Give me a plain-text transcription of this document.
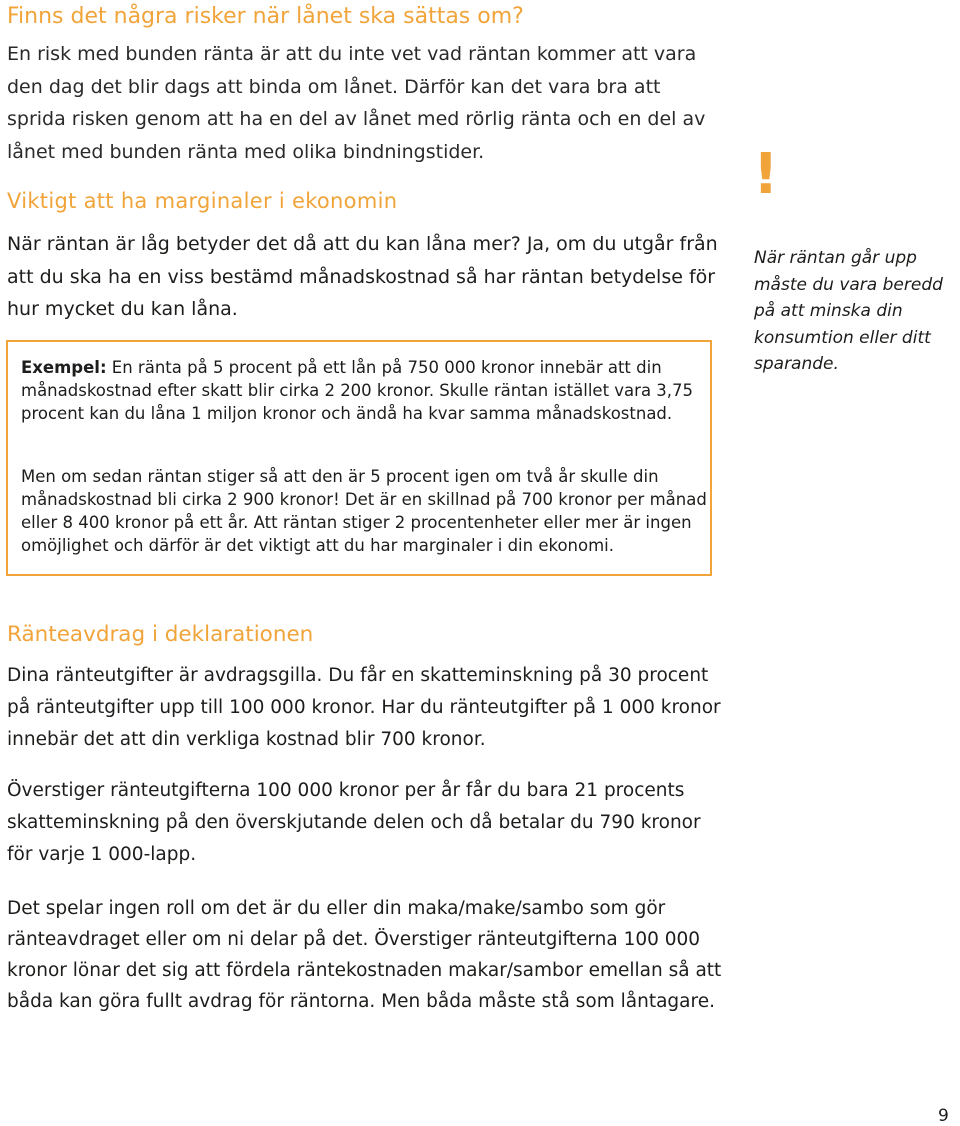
Finns det några risker när lånet ska sättas om?

En risk med bunden ränta är att du inte vet vad räntan kommer att vara den dag det blir dags att binda om lånet. Därför kan det vara bra att sprida risken genom att ha en del av lånet med rörlig ränta och en del av lånet med bunden ränta med olika bindningstider.

Viktigt att ha marginaler i ekonomin

När räntan är låg betyder det då att du kan låna mer? Ja, om du utgår från att du ska ha en viss bestämd månadskostnad så har räntan betydelse för hur mycket du kan låna.

!

När räntan går upp måste du vara beredd på att minska din konsumtion eller ditt sparande.

Exempel: En ränta på 5 procent på ett lån på 750 000 kronor innebär att din månadskostnad efter skatt blir cirka 2 200 kronor. Skulle räntan istället vara 3,75 procent kan du låna 1 miljon kronor och ändå ha kvar samma månadskostnad.

Men om sedan räntan stiger så att den är 5 procent igen om två år skulle din månadskostnad bli cirka 2 900 kronor! Det är en skillnad på 700 kronor per månad eller 8 400 kronor på ett år. Att räntan stiger 2 procentenheter eller mer är ingen omöjlighet och därför är det viktigt att du har marginaler i din ekonomi.

Ränteavdrag i deklarationen

Dina ränteutgifter är avdragsgilla. Du får en skatteminskning på 30 procent på ränteutgifter upp till 100 000 kronor. Har du ränteutgifter på 1 000 kronor innebär det att din verkliga kostnad blir 700 kronor.

Överstiger ränteutgifterna 100 000 kronor per år får du bara 21 procents skatteminskning på den överskjutande delen och då betalar du 790 kronor för varje 1 000-lapp.

Det spelar ingen roll om det är du eller din maka/make/sambo som gör ränteavdraget eller om ni delar på det. Överstiger ränteutgifterna 100 000 kronor lönar det sig att fördela räntekostnaden makar/sambor emellan så att båda kan göra fullt avdrag för räntorna. Men båda måste stå som låntagare.

9
